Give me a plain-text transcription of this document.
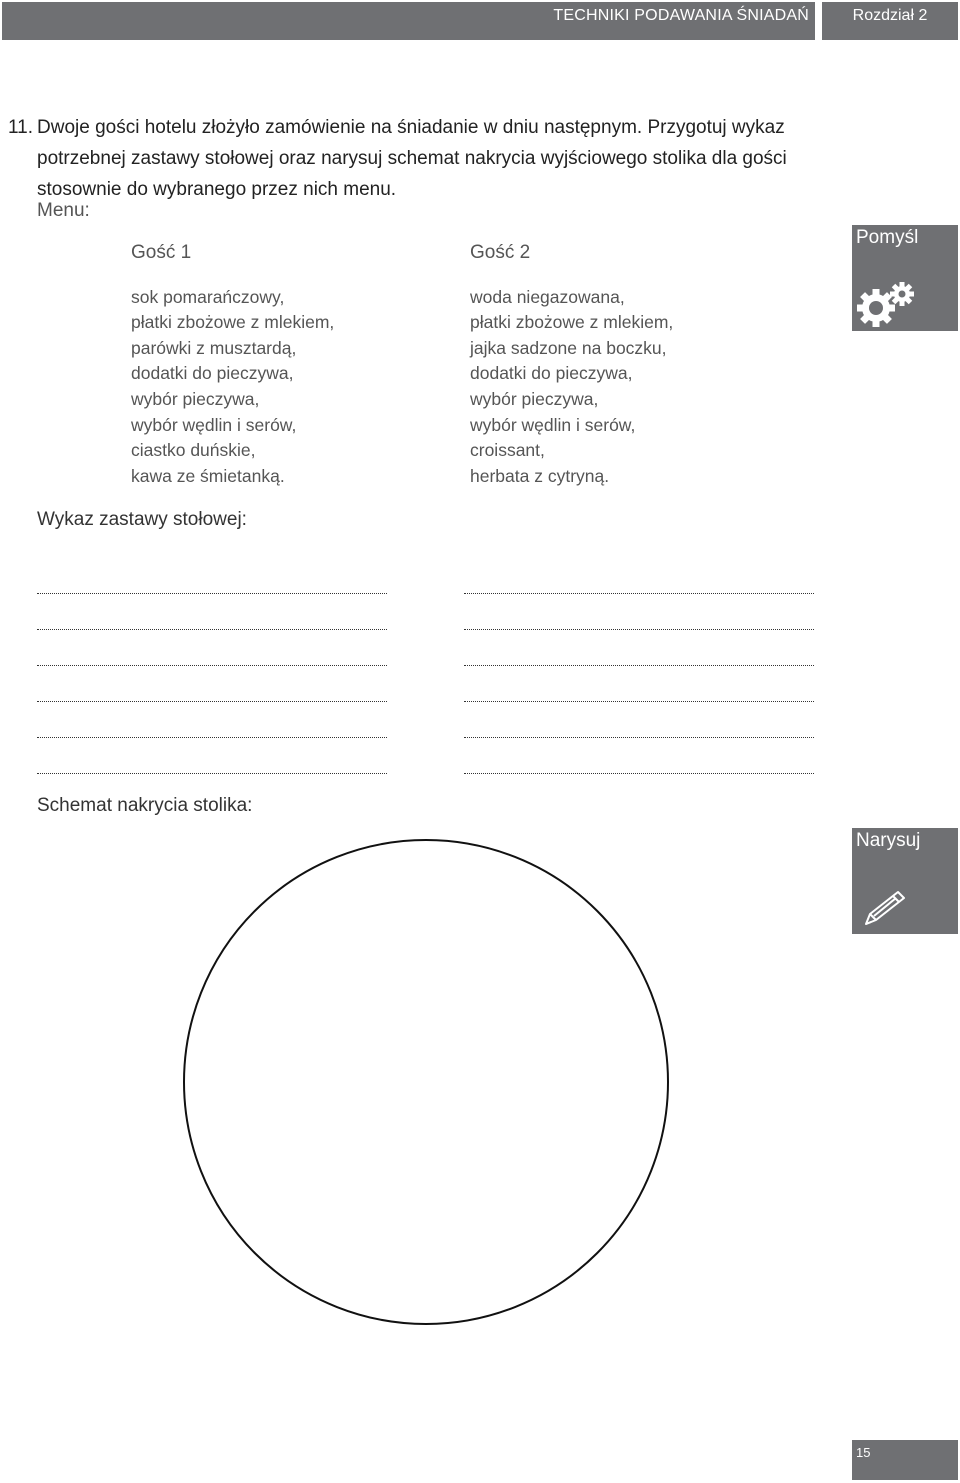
TECHNIKI PODAWANIA ŚNIADAŃ	Rozdział 2
11. Dwoje gości hotelu złożyło zamówienie na śniadanie w dniu następnym. Przygotuj wykaz potrzebnej zastawy stołowej oraz narysuj schemat nakrycia wyjściowego stolika dla gości stosownie do wybranego przez nich menu.
Menu:
Gość 1
sok pomarańczowy,
płatki zbożowe z mlekiem,
parówki z musztardą,
dodatki do pieczywa,
wybór pieczywa,
wybór wędlin i serów,
ciastko duńskie,
kawa ze śmietanką.
Gość 2
woda niegazowana,
płatki zbożowe z mlekiem,
jajka sadzone na boczku,
dodatki do pieczywa,
wybór pieczywa,
wybór wędlin i serów,
croissant,
herbata z cytryną.
Pomyśl
Wykaz zastawy stołowej:
Schemat nakrycia stolika:
Narysuj
15
